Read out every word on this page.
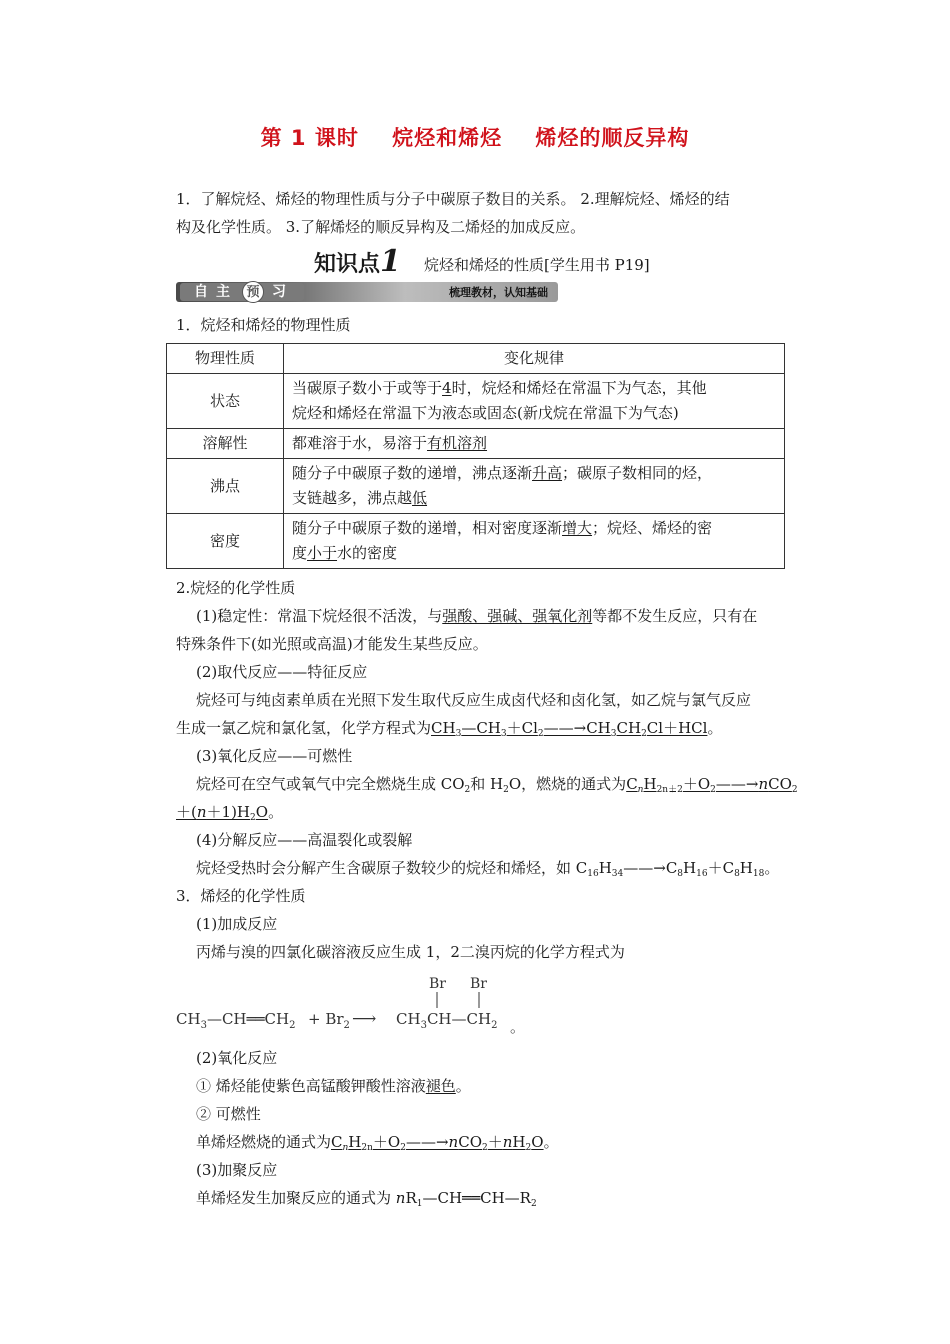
第 1 课时    烷烃和烯烃    烯烃的顺反异构
1．了解烷烃、烯烃的物理性质与分子中碳原子数目的关系。 2.理解烷烃、烯烃的结
构及化学性质。 3.了解烯烃的顺反异构及二烯烃的加成反应。
知识点1 烷烃和烯烃的性质[学生用书 P19]
自 主	预 习	梳理教材，认知基础
1．烷烃和烯烃的物理性质
物理性质	变化规律
状态	当碳原子数小于或等于4时，烷烃和烯烃在常温下为气态，其他
烷烃和烯烃在常温下为液态或固态(新戊烷在常温下为气态)
溶解性	都难溶于水，易溶于有机溶剂
沸点	随分子中碳原子数的递增，沸点逐渐升高；碳原子数相同的烃，
支链越多，沸点越低
密度	随分子中碳原子数的递增，相对密度逐渐增大；烷烃、烯烃的密
度小于水的密度
2.烷烃的化学性质
(1)稳定性：常温下烷烃很不活泼，与强酸、强碱、强氧化剂等都不发生反应，只有在
特殊条件下(如光照或高温)才能发生某些反应。
(2)取代反应——特征反应
烷烃可与纯卤素单质在光照下发生取代反应生成卤代烃和卤化氢，如乙烷与氯气反应
生成一氯乙烷和氯化氢，化学方程式为$CH_3—CH_3+Cl_2——\to CH_3CH_2Cl+HCl$。
(3)氧化反应——可燃性
烷烃可在空气或氧气中完全燃烧生成 $CO_2$和 $H_2O$，燃烧的通式为$C_nH_{2n+2}+O_2——\to nCO_2$
$+(n+1)H_2O$。
(4)分解反应——高温裂化或裂解
烷烃受热时会分解产生含碳原子数较少的烷烃和烯烃，如 $C_{16}H_{34}——\to C_8H_{16}+C_8H_{18}$。
3．烯烃的化学性质
(1)加成反应
丙烯与溴的四氯化碳溶液反应生成 1，2二溴丙烷的化学方程式为
$CH_3—CH══CH_2 + Br_2$ ⟶ $CH_3CH—CH_2$
Br Br
。
(2)氧化反应
① 烯烃能使紫色高锰酸钾酸性溶液褪色。
② 可燃性
单烯烃燃烧的通式为$C_nH_{2n}+O_2——\to nCO_2+nH_2O$。
(3)加聚反应
单烯烃发生加聚反应的通式为 $nR_1—CH══CH—R_2$
